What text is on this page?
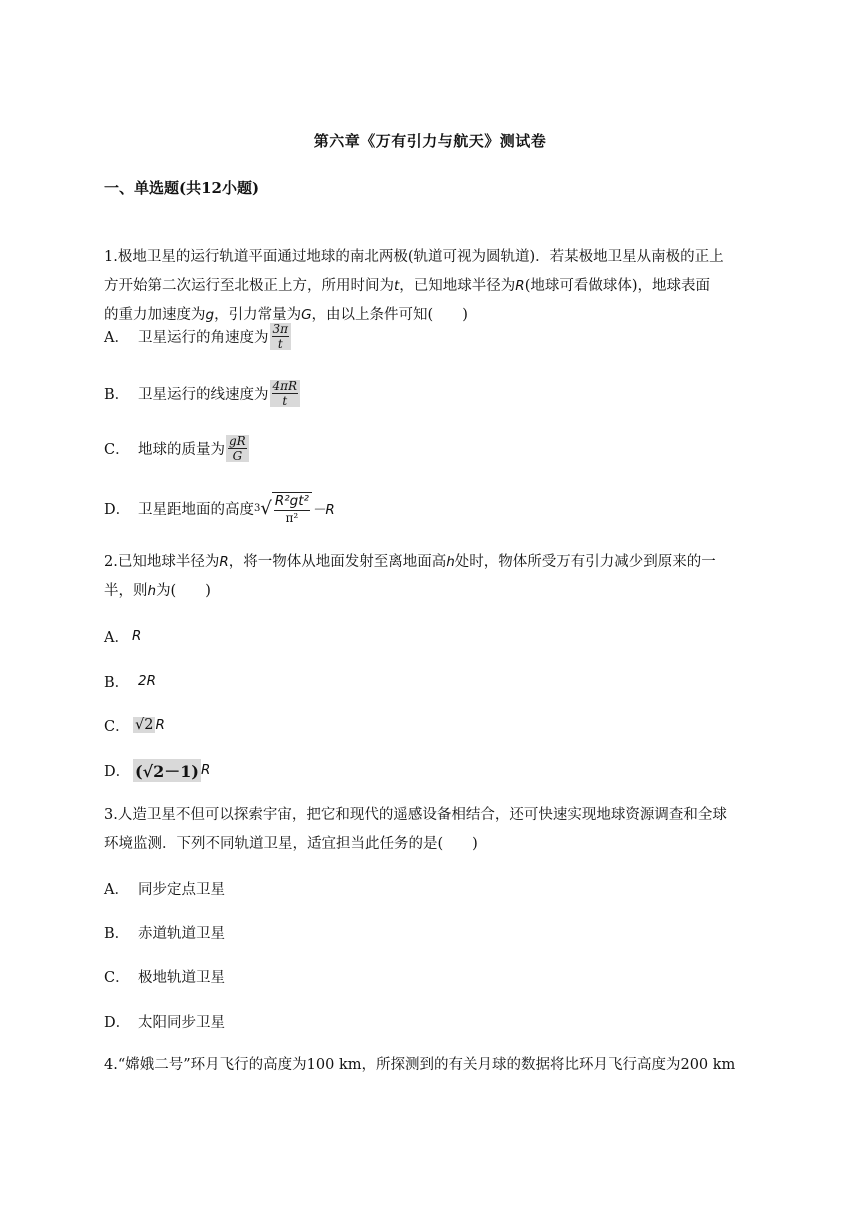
第六章《万有引力与航天》测试卷
一、单选题(共12小题)
1.极地卫星的运行轨道平面通过地球的南北两极(轨道可视为圆轨道)．若某极地卫星从南极的正上
方开始第二次运行至北极正上方，所用时间为t，已知地球半径为R(地球可看做球体)，地球表面
的重力加速度为g，引力常量为G，由以上条件可知(　　)
A． 卫星运行的角速度为 $\frac{3\pi}{t}$
B． 卫星运行的线速度为 $\frac{4\pi R}{t}$
C． 地球的质量为 $\frac{gR}{G}$
D． 卫星距地面的高度 3 √ $\frac{\text{R²gt²}}{\text{π²}} -R$
2.已知地球半径为R，将一物体从地面发射至离地面高h处时，物体所受万有引力减少到原来的一
半，则h为(　　)
A． R
B． 2R
C． √2 R
D． (√2－1) R
3.人造卫星不但可以探索宇宙，把它和现代的遥感设备相结合，还可快速实现地球资源调查和全球
环境监测．下列不同轨道卫星，适宜担当此任务的是(　　)
A． 同步定点卫星
B． 赤道轨道卫星
C． 极地轨道卫星
D． 太阳同步卫星
4.“嫦娥二号”环月飞行的高度为100 km，所探测到的有关月球的数据将比环月飞行高度为200 km
